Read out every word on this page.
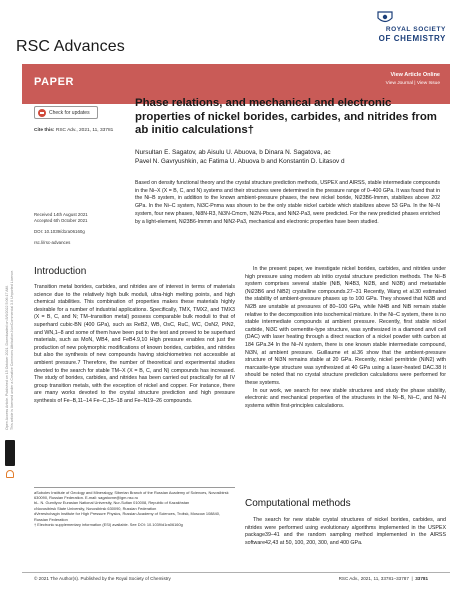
Open Access Article. Published on 15 October 2021. Downloaded on 8/9/2022 5:06:17 AM.
This article is licensed under a Creative Commons Attribution-NonCommercial 3.0 Unported Licence.
ROYAL SOCIETY
OF CHEMISTRY
RSC Advances
PAPER
View Article Online
View Journal | View Issue
Check for updates
Cite this: RSC Adv., 2021, 11, 33781
Received 14th August 2021
Accepted 6th October 2021
DOI: 10.1039/d1ra06160g
rsc.li/rsc-advances
Phase relations, and mechanical and electronic properties of nickel borides, carbides, and nitrides from ab initio calculations†
Nursultan E. Sagatov, ab Aisulu U. Abuova, b Dinara N. Sagatova, ac
Pavel N. Gavryushkin, ac Fatima U. Abuova b and Konstantin D. Litasov d
Based on density functional theory and the crystal structure prediction methods, USPEX and AIRSS, stable intermediate compounds in the Ni–X (X = B, C, and N) systems and their structures were determined in the pressure range of 0–400 GPa. It was found that in the Ni–B system, in addition to the known ambient-pressure phases, the new nickel boride, Ni23B6-Immm, stabilizes above 202 GPa. In the Ni–C system, Ni3C-Pnma was shown to be the only stable nickel carbide which stabilizes above 53 GPa. In the Ni–N system, four new phases, Ni8N-R3, Ni3N-Cmcm, Ni2N-Pbca, and NiN2-Pa3, were predicted. For the new predicted phases enriched by a light-element, Ni23B6-Immm and NiN2-Pa3, mechanical and electronic properties have been studied.
Introduction

Transition metal borides, carbides, and nitrides are of interest in terms of materials science due to the relatively high bulk moduli, ultra-high melting points, and high chemical stabilities. This combination of properties makes these materials highly desirable for a number of industrial applications. Specifically, TMX, TMX2, and TMX3 (X = B, C, and N; TM–transition metal) possess comparable bulk moduli to that of superhard cubic-BN (400 GPa), such as ReB2, WB, OsC, RuC, WC, OsN2, PtN2, and WN,1–8 and some of them have been put to the test and proved to be superhard materials, such as MoN, WB4, and FeB4.9,10 High pressure enables not just the production of new polymorphic modifications of known borides, carbides, and nitrides but also the synthesis of new compounds having stoichiometries not accessible at ambient pressure.7 Therefore, the number of theoretical and experimental studies devoted to the search for stable TM–X (X = B, C, and N) compounds has increased. The study of borides, carbides, and nitrides has been carried out practically for all IV group transition metals, with the exception of nickel and copper. For instance, there are many works devoted to the crystal structure prediction and high pressure synthesis of Fe–B,11–14 Fe–C,15–18 and Fe–N19–26 compounds.

aSobolev Institute of Geology and Mineralogy, Siberian Branch of the Russian Academy of Sciences, Novosibirsk 630090, Russian Federation. E-mail: sagatovne@igm.nsc.ru
bL. N. Gumilyov Eurasian National University, Nur-Sultan 010008, Republic of Kazakhstan
cNovosibirsk State University, Novosibirsk 630090, Russian Federation
dVereshchagin Institute for High Pressure Physics, Russian Academy of Sciences, Troitsk, Moscow 108840, Russian Federation
† Electronic supplementary information (ESI) available. See DOI: 10.1039/d1ra06160g

In the present paper, we investigate nickel borides, carbides, and nitrides under high pressure using modern ab initio crystal structure prediction methods. The Ni–B system comprises several stable (NiB, Ni4B3, Ni2B, and Ni3B) and metastable (Ni23B6 and NiB2) crystalline compounds.27–31 Recently, Wang et al.30 estimated the stability of ambient-pressure phases up to 100 GPa. They showed that Ni3B and Ni2B are unstable at pressures of 80–100 GPa, while Ni4B and NiB remain stable relative to the decomposition into isochemical mixture. In the Ni–C system, there is no stable intermediate compounds at ambient pressure. Recently, first stable nickel carbide, Ni3C with cementite-type structure, was synthesized in a diamond anvil cell (DAC) with laser heating through a direct reaction of a nickel powder with carbon at 184 GPa.34 In the Ni–N system, there is one known stable intermediate compound, Ni3N, at ambient pressure. Guillaume et al.36 show that the ambient-pressure structure of Ni3N remains stable at 20 GPa. Recently, nickel pernitride (NiN2) with marcasite-type structure was synthesized at 40 GPa using a laser-heated DAC.38 It should be noted that no crystal structure prediction calculations were performed for these systems.

In our work, we search for new stable structures and study the phase stability, electronic and mechanical properties of the structures in the Ni–B, Ni–C, and Ni–N systems within first-principles calculations.

Computational methods

The search for new stable crystal structures of nickel borides, carbides, and nitrides were performed using evolutionary algorithms implemented in the USPEX package39–41 and the random sampling method implemented in the AIRSS software42,43 at 50, 100, 200, 300, and 400 GPa.

© 2021 The Author(s). Published by the Royal Society of Chemistry	RSC Adv., 2021, 11, 33781–33787  |  33781
